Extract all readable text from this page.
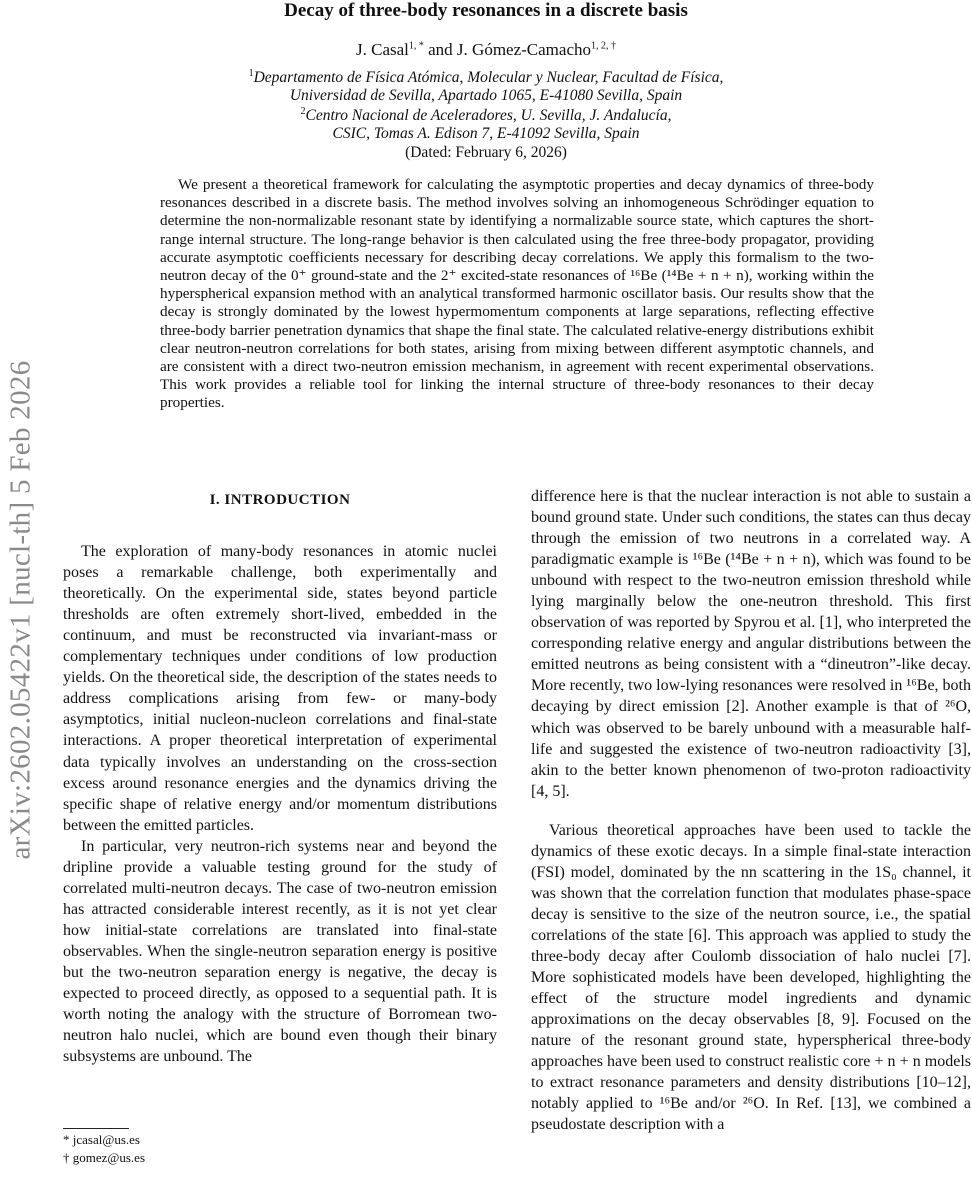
arXiv:2602.05422v1 [nucl-th] 5 Feb 2026
Decay of three-body resonances in a discrete basis
J. Casal$^{1, *}$ and J. Gómez-Camacho$^{1, 2, \dagger}$
$^1$Departamento de Física Atómica, Molecular y Nuclear, Facultad de Física,
Universidad de Sevilla, Apartado 1065, E-41080 Sevilla, Spain
$^2$Centro Nacional de Aceleradores, U. Sevilla, J. Andalucía,
CSIC, Tomas A. Edison 7, E-41092 Sevilla, Spain
(Dated: February 6, 2026)

We present a theoretical framework for calculating the asymptotic properties and decay dynamics of three-body resonances described in a discrete basis. The method involves solving an inhomogeneous Schrödinger equation to determine the non-normalizable resonant state by identifying a normalizable source state, which captures the short-range internal structure. The long-range behavior is then calculated using the free three-body propagator, providing accurate asymptotic coefficients necessary for describing decay correlations. We apply this formalism to the two-neutron decay of the 0⁺ ground-state and the 2⁺ excited-state resonances of ¹⁶Be (¹⁴Be + n + n), working within the hyperspherical expansion method with an analytical transformed harmonic oscillator basis. Our results show that the decay is strongly dominated by the lowest hypermomentum components at large separations, reflecting effective three-body barrier penetration dynamics that shape the final state. The calculated relative-energy distributions exhibit clear neutron-neutron correlations for both states, arising from mixing between different asymptotic channels, and are consistent with a direct two-neutron emission mechanism, in agreement with recent experimental observations. This work provides a reliable tool for linking the internal structure of three-body resonances to their decay properties.

I. INTRODUCTION

The exploration of many-body resonances in atomic nuclei poses a remarkable challenge, both experimentally and theoretically. On the experimental side, states beyond particle thresholds are often extremely short-lived, embedded in the continuum, and must be reconstructed via invariant-mass or complementary techniques under conditions of low production yields. On the theoretical side, the description of the states needs to address complications arising from few- or many-body asymptotics, initial nucleon-nucleon correlations and final-state interactions. A proper theoretical interpretation of experimental data typically involves an understanding on the cross-section excess around resonance energies and the dynamics driving the specific shape of relative energy and/or momentum distributions between the emitted particles.

In particular, very neutron-rich systems near and beyond the dripline provide a valuable testing ground for the study of correlated multi-neutron decays. The case of two-neutron emission has attracted considerable interest recently, as it is not yet clear how initial-state correlations are translated into final-state observables. When the single-neutron separation energy is positive but the two-neutron separation energy is negative, the decay is expected to proceed directly, as opposed to a sequential path. It is worth noting the analogy with the structure of Borromean two-neutron halo nuclei, which are bound even though their binary subsystems are unbound. The

difference here is that the nuclear interaction is not able to sustain a bound ground state. Under such conditions, the states can thus decay through the emission of two neutrons in a correlated way. A paradigmatic example is ¹⁶Be (¹⁴Be + n + n), which was found to be unbound with respect to the two-neutron emission threshold while lying marginally below the one-neutron threshold. This first observation of was reported by Spyrou et al. [1], who interpreted the corresponding relative energy and angular distributions between the emitted neutrons as being consistent with a “dineutron”-like decay. More recently, two low-lying resonances were resolved in ¹⁶Be, both decaying by direct emission [2]. Another example is that of ²⁶O, which was observed to be barely unbound with a measurable half-life and suggested the existence of two-neutron radioactivity [3], akin to the better known phenomenon of two-proton radioactivity [4, 5].

Various theoretical approaches have been used to tackle the dynamics of these exotic decays. In a simple final-state interaction (FSI) model, dominated by the nn scattering in the 1S₀ channel, it was shown that the correlation function that modulates phase-space decay is sensitive to the size of the neutron source, i.e., the spatial correlations of the state [6]. This approach was applied to study the three-body decay after Coulomb dissociation of halo nuclei [7]. More sophisticated models have been developed, highlighting the effect of the structure model ingredients and dynamic approximations on the decay observables [8, 9]. Focused on the nature of the resonant ground state, hyperspherical three-body approaches have been used to construct realistic core + n + n models to extract resonance parameters and density distributions [10–12], notably applied to ¹⁶Be and/or ²⁶O. In Ref. [13], we combined a pseudostate description with a

* jcasal@us.es
† gomez@us.es
